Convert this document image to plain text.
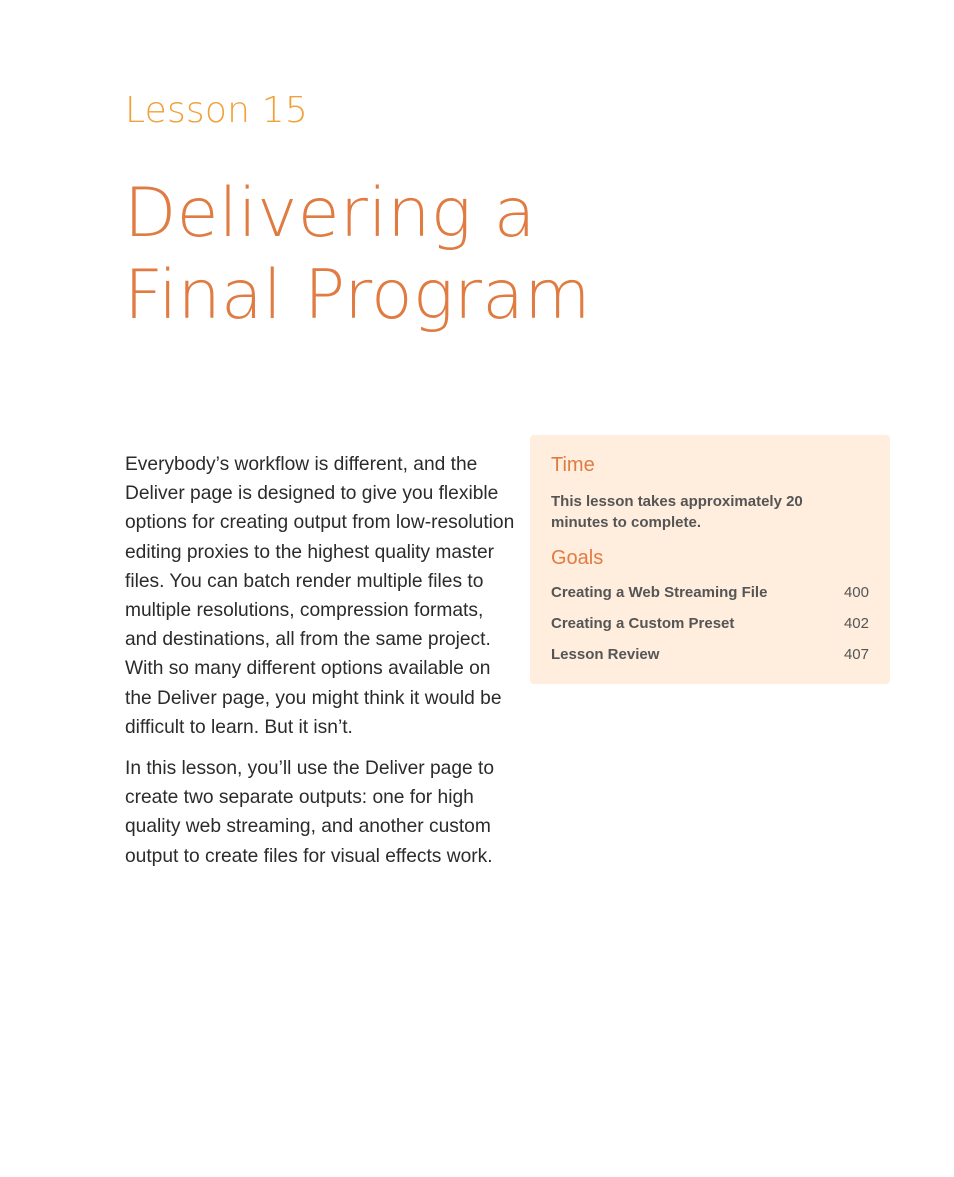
Lesson 15
Delivering a
Final Program

Everybody’s workflow is different, and the Deliver page is designed to give you flexible options for creating output from low-resolution editing proxies to the highest quality master files. You can batch render multiple files to multiple resolutions, compression formats, and destinations, all from the same project. With so many different options available on the Deliver page, you might think it would be difficult to learn. But it isn’t.

In this lesson, you’ll use the Deliver page to create two separate outputs: one for high quality web streaming, and another custom output to create files for visual effects work.

Time
This lesson takes approximately 20 minutes to complete.
Goals
Creating a Web Streaming File	400
Creating a Custom Preset	402
Lesson Review	407
